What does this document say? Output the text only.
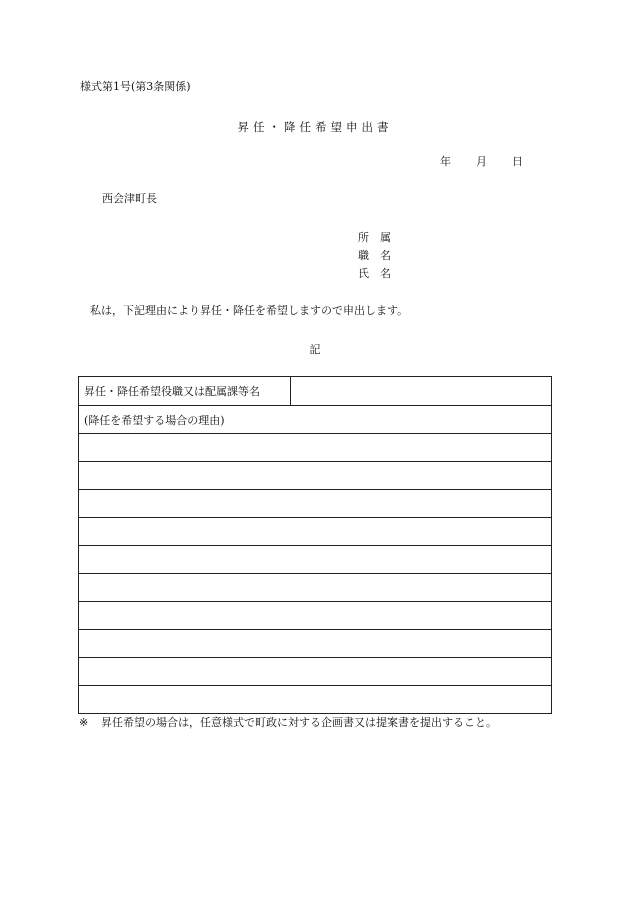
様式第1号(第3条関係)
昇任・降任希望申出書
年 月 日
西会津町長
所 属
職 名
氏 名
私は，下記理由により昇任・降任を希望しますので申出します。
記
昇任・降任希望役職又は配属課等名
(降任を希望する場合の理由)
※ 昇任希望の場合は，任意様式で町政に対する企画書又は提案書を提出すること。
